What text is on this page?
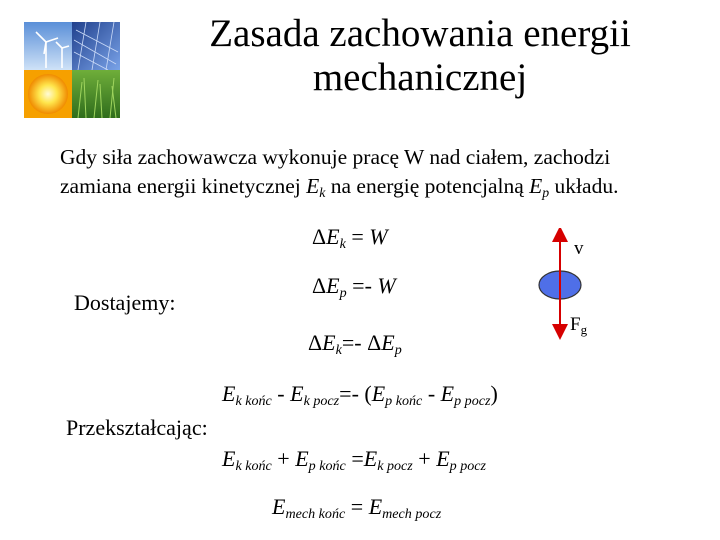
Zasada zachowania energii
mechanicznej
Gdy siła zachowawcza wykonuje pracę W nad ciałem, zachodzi
zamiana energii kinetycznej $E_k$ na energię potencjalną $E_p$ układu.
$\Delta E_k = W$
Dostajemy:
$\Delta E_p =- W$
$\Delta E_k=-$ $\Delta E_p$
$E_{k końc} - E_{k pocz}=-$ $(E_{p końc} - E_{p pocz})$
Przekształcając:
$E_{k końc} + E_{p końc} =E_{k pocz} + E_{p pocz}$
$E_{mech końc} = E_{mech pocz}$
v
$F_g$
